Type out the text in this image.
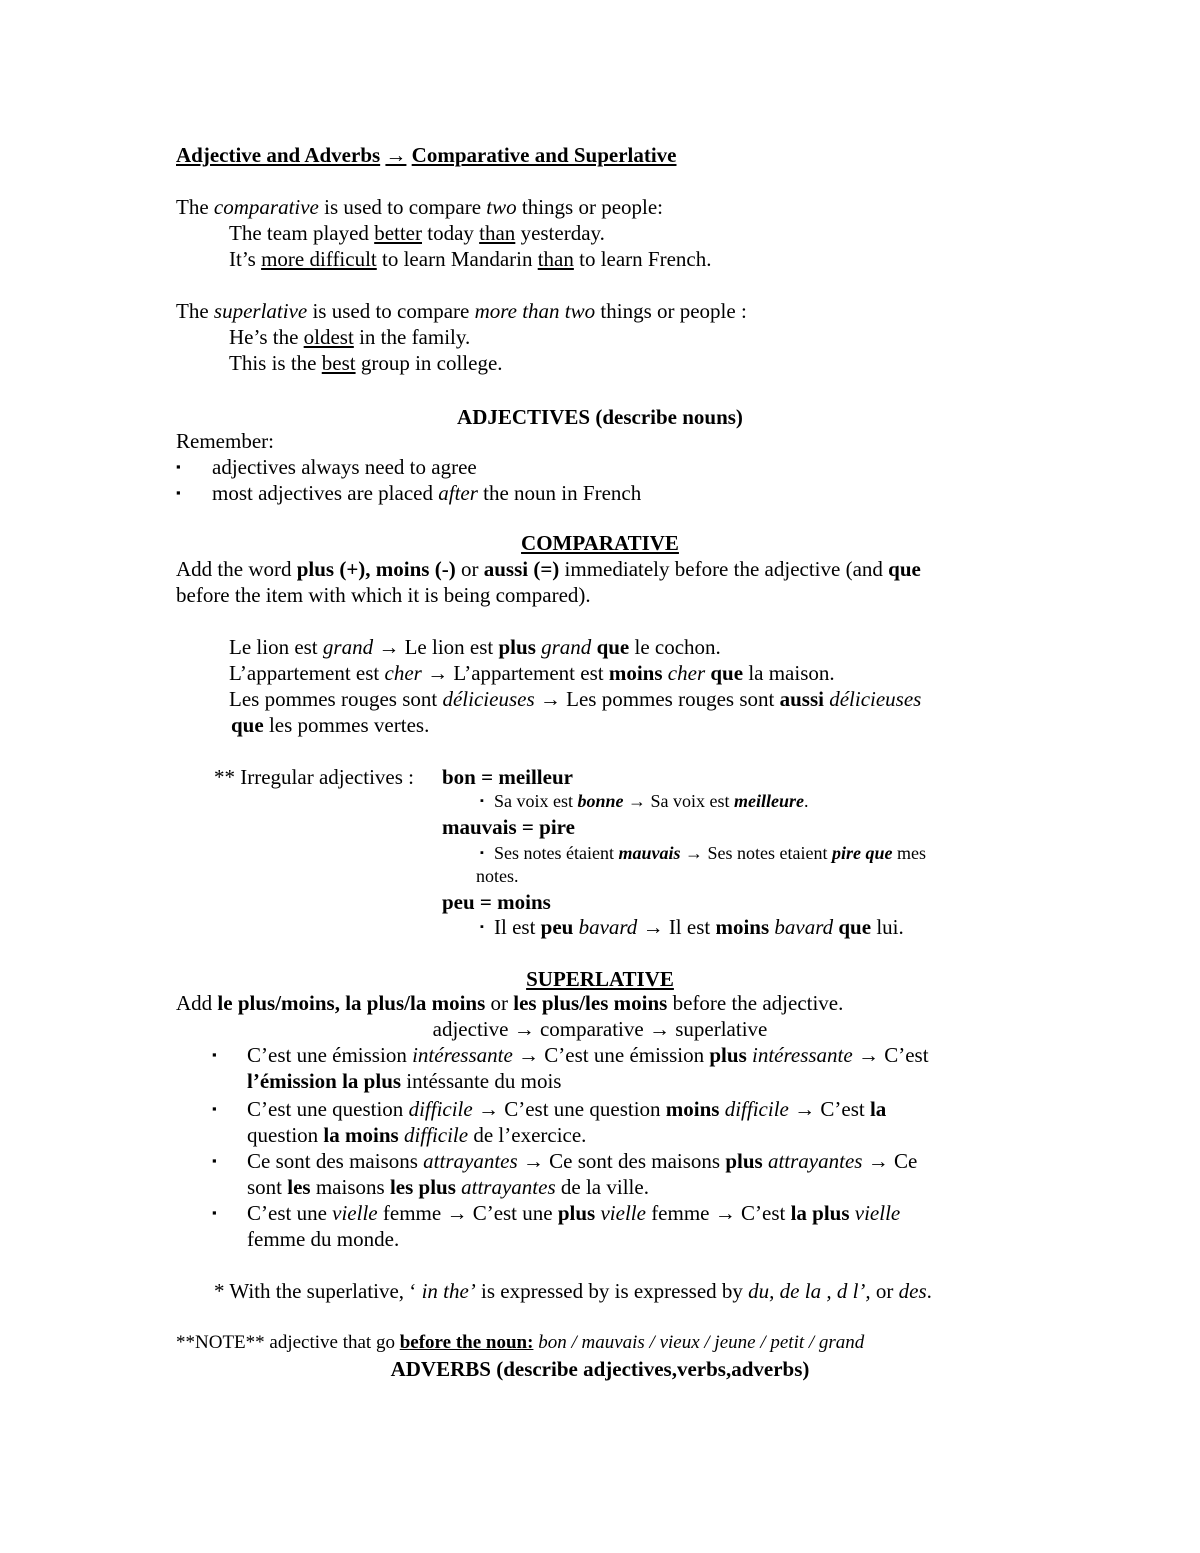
Adjective and Adverbs → Comparative and Superlative
The comparative is used to compare two things or people:
The team played better today than yesterday.
It’s more difficult to learn Mandarin than to learn French.
The superlative is used to compare more than two things or people :
He’s the oldest in the family.
This is the best group in college.
ADJECTIVES (describe nouns)
Remember:
▪ adjectives always need to agree
▪ most adjectives are placed after the noun in French
COMPARATIVE
Add the word plus (+), moins (-) or aussi (=) immediately before the adjective (and que
before the item with which it is being compared).
Le lion est grand → Le lion est plus grand que le cochon.
L’appartement est cher → L’appartement est moins cher que la maison.
Les pommes rouges sont délicieuses → Les pommes rouges sont aussi délicieuses
que les pommes vertes.
** Irregular adjectives : bon = meilleur
▪ Sa voix est bonne → Sa voix est meilleure.
mauvais = pire
▪ Ses notes étaient mauvais → Ses notes etaient pire que mes
notes.
peu = moins
▪ Il est peu bavard → Il est moins bavard que lui.
SUPERLATIVE
Add le plus/moins, la plus/la moins or les plus/les moins before the adjective.
adjective → comparative → superlative
▪ C’est une émission intéressante → C’est une émission plus intéressante → C’est
l’émission la plus intéssante du mois
▪ C’est une question difficile → C’est une question moins difficile → C’est la
question la moins difficile de l’exercice.
▪ Ce sont des maisons attrayantes → Ce sont des maisons plus attrayantes → Ce
sont les maisons les plus attrayantes de la ville.
▪ C’est une vielle femme → C’est une plus vielle femme → C’est la plus vielle
femme du monde.
* With the superlative, ‘ in the’ is expressed by is expressed by du, de la , d l’, or des.
**NOTE** adjective that go before the noun: bon / mauvais / vieux / jeune / petit / grand
ADVERBS (describe adjectives,verbs,adverbs)
